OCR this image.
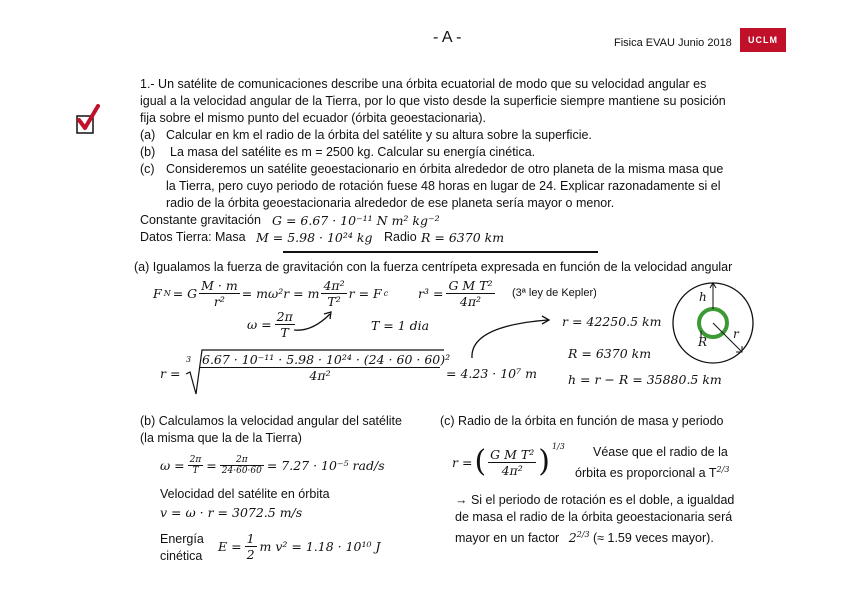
- A -	Fisica EVAU Junio 2018	UCLM
1.- Un satélite de comunicaciones describe una órbita ecuatorial de modo que su velocidad angular es
igual a la velocidad angular de la Tierra, por lo que visto desde la superficie siempre mantiene su posición
fija sobre el mismo punto del ecuador (órbita geoestacionaria).
(a) Calcular en km el radio de la órbita del satélite y su altura sobre la superficie.
(b) La masa del satélite es m = 2500 kg. Calcular su energía cinética.
(c) Consideremos un satélite geoestacionario en órbita alrededor de otro planeta de la misma masa que
la Tierra, pero cuyo periodo de rotación fuese 48 horas en lugar de 24. Explicar razonadamente si el
radio de la órbita geoestacionaria alrededor de ese planeta sería mayor o menor.
Constante gravitación G = 6.67 · 10⁻¹¹ N m² kg⁻²
Datos Tierra: Masa M = 5.98 · 10²⁴ kg Radio R = 6370 km
(a) Igualamos la fuerza de gravitación con la fuerza centrípeta expresada en función de la velocidad angular
F N = G $\frac{M \cdot m}{\text{r²}} = m\omega^2r = m \frac{\text{4π²}}{\text{T²}}$ r = F c $r^3 = \frac{\text{G M T²}}{\text{4π²}}$ (3ª ley de Kepler)
$\omega = \frac{2\pi}{T}$	T = 1 dia
r =
$3 \frac{\text{6.67 · 10⁻¹¹ · 5.98 · 10²⁴ · (24 · 60 · 60)²}}{\text{4π²}} = 4.23 \cdot 10^7$ m
r = 42250.5 km
R = 6370 km
h = r − R = 35880.5 km
h
R
r
(b) Calculamos la velocidad angular del satélite
(la misma que la de la Tierra)
$\omega = \frac{2\pi}{T} = \frac{2\pi}{24\cdot 60\cdot 60} = 7.27 \cdot 10^{-5}$ rad/s
Velocidad del satélite en órbita
v = ω · r = 3072.5 m/s
Energía
cinética
$E = \frac{1}{2}$ m v² = 1.18 · 10¹⁰ J
(c) Radio de la órbita en función de masa y periodo
r = ( $\frac{\text{G M T²}}{\text{4π²}}$ ) 1/3 Véase que el radio de la
órbita es proporcional a $T^{2/3}$
→ Si el periodo de rotación es el doble, a igualdad
de masa el radio de la órbita geoestacionaria será
mayor en un factor $2^{2/3}$ (≈ 1.59 veces mayor).
